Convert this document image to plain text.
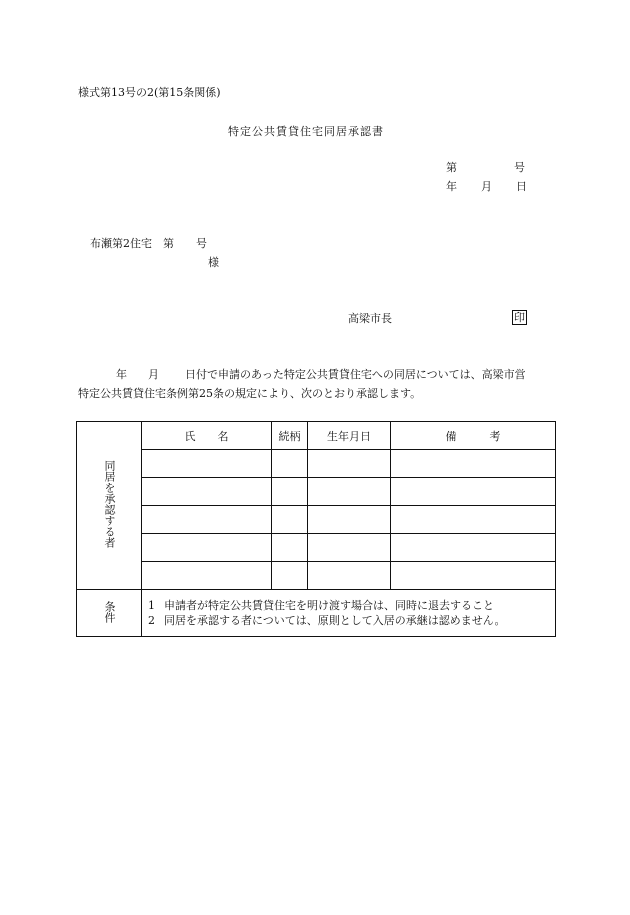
様式第13号の2(第15条関係)
特定公共賃貸住宅同居承認書
第	号
年 月 日
布瀬第2住宅　第　　号
様
高梁市長	印
年 月 日付で申請のあった特定公共賃貸住宅への同居については、高梁市営
特定公共賃貸住宅条例第25条の規定により、次のとおり承認します。
同居を承認する者	氏　　名	続柄	生年月日	備　　　考

条件	1 申請者が特定公共賃貸住宅を明け渡す場合は、同時に退去すること
2 同居を承認する者については、原則として入居の承継は認めません。			
